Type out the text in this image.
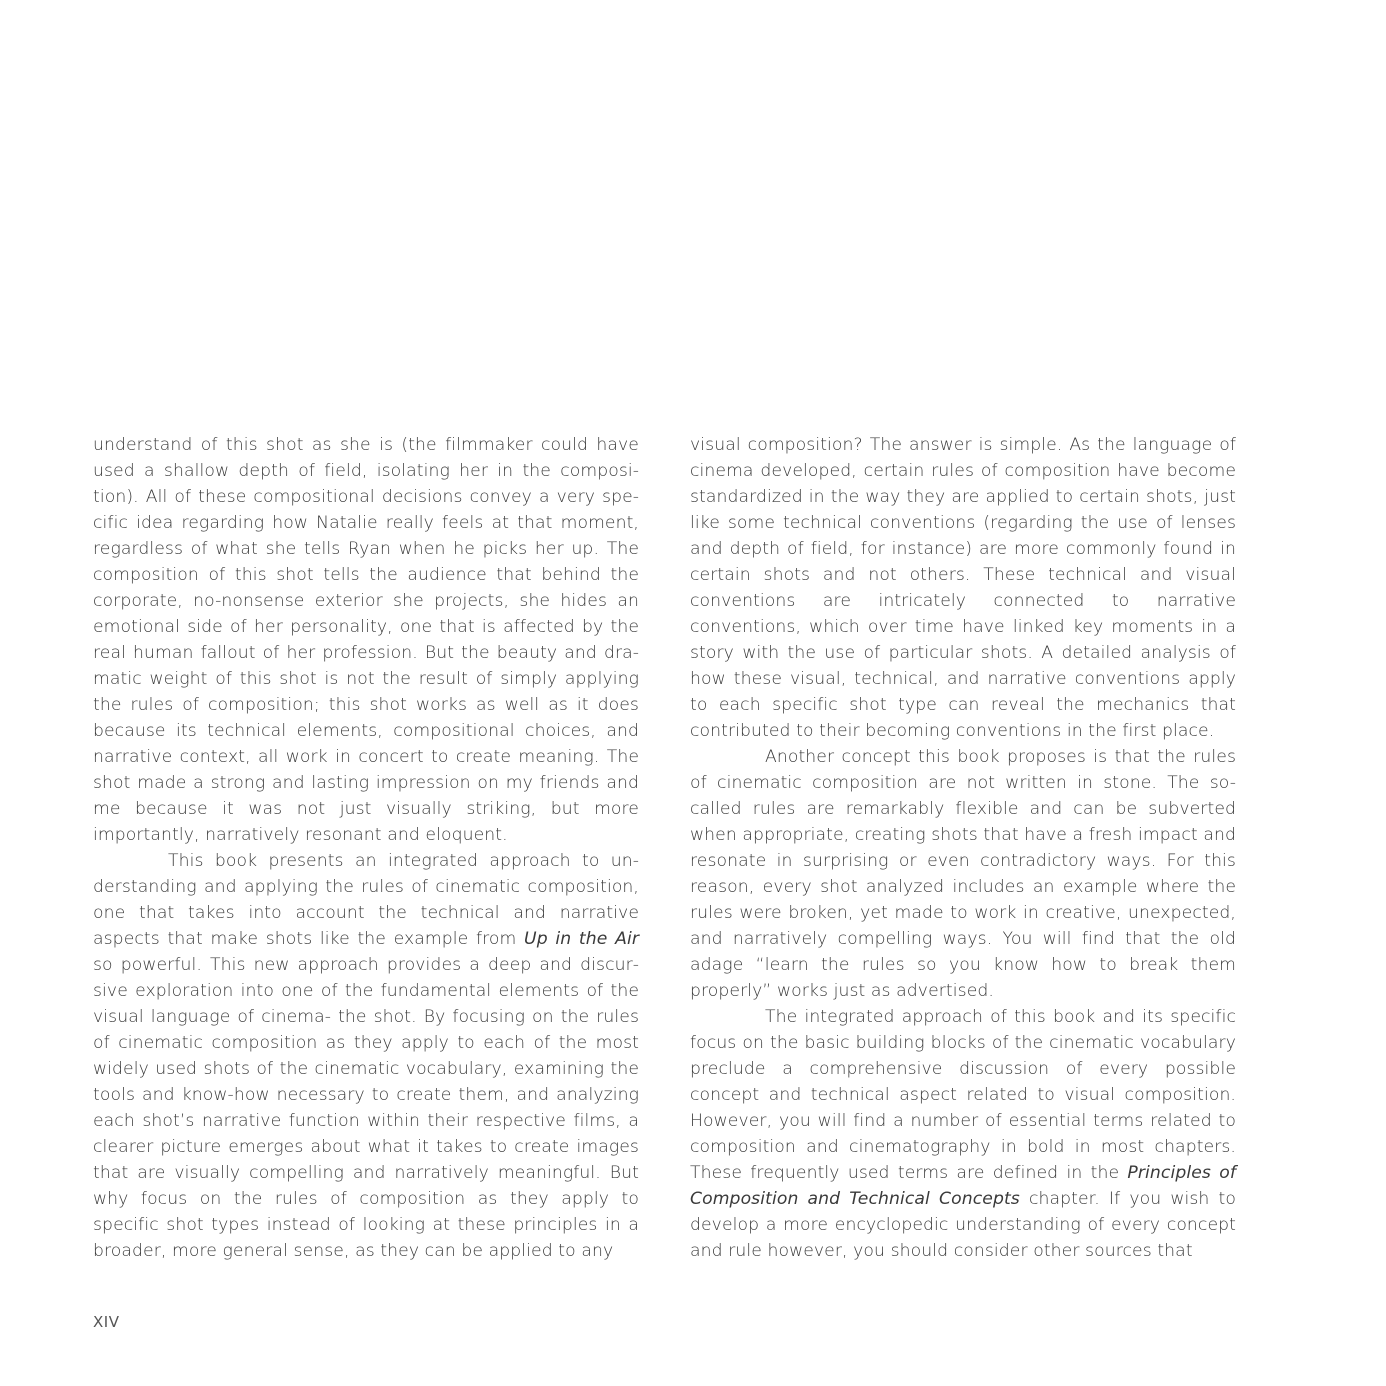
understand of this shot as she is (the filmmaker could have used a shallow depth of field, isolating her in the composition). All of these compositional decisions convey a very specific idea regarding how Natalie really feels at that moment, regardless of what she tells Ryan when he picks her up. The composition of this shot tells the audience that behind the corporate, no-nonsense exterior she projects, she hides an emotional side of her personality, one that is affected by the real human fallout of her profession. But the beauty and dramatic weight of this shot is not the result of simply applying the rules of composition; this shot works as well as it does because its technical elements, compositional choices, and narrative context, all work in concert to create meaning. The shot made a strong and lasting impression on my friends and me because it was not just visually striking, but more importantly, narratively resonant and eloquent.

This book presents an integrated approach to understanding and applying the rules of cinematic composition, one that takes into account the technical and narrative aspects that make shots like the example from Up in the Air so powerful. This new approach provides a deep and discursive exploration into one of the fundamental elements of the visual language of cinema- the shot. By focusing on the rules of cinematic composition as they apply to each of the most widely used shots of the cinematic vocabulary, examining the tools and know-how necessary to create them, and analyzing each shot’s narrative function within their respective films, a clearer picture emerges about what it takes to create images that are visually compelling and narratively meaningful. But why focus on the rules of composition as they apply to specific shot types instead of looking at these principles in a broader, more general sense, as they can be applied to any

visual composition? The answer is simple. As the language of cinema developed, certain rules of composition have become standardized in the way they are applied to certain shots, just like some technical conventions (regarding the use of lenses and depth of field, for instance) are more commonly found in certain shots and not others. These technical and visual conventions are intricately connected to narrative conventions, which over time have linked key moments in a story with the use of particular shots. A detailed analysis of how these visual, technical, and narrative conventions apply to each specific shot type can reveal the mechanics that contributed to their becoming conventions in the first place.

Another concept this book proposes is that the rules of cinematic composition are not written in stone. The so-called rules are remarkably flexible and can be subverted when appropriate, creating shots that have a fresh impact and resonate in surprising or even contradictory ways. For this reason, every shot analyzed includes an example where the rules were broken, yet made to work in creative, unexpected, and narratively compelling ways. You will find that the old adage “learn the rules so you know how to break them properly” works just as advertised.

The integrated approach of this book and its specific focus on the basic building blocks of the cinematic vocabulary preclude a comprehensive discussion of every possible concept and technical aspect related to visual composition. However, you will find a number of essential terms related to composition and cinematography in bold in most chapters. These frequently used terms are defined in the Principles of Composition and Technical Concepts chapter. If you wish to develop a more encyclopedic understanding of every concept and rule however, you should consider other sources that

XIV
